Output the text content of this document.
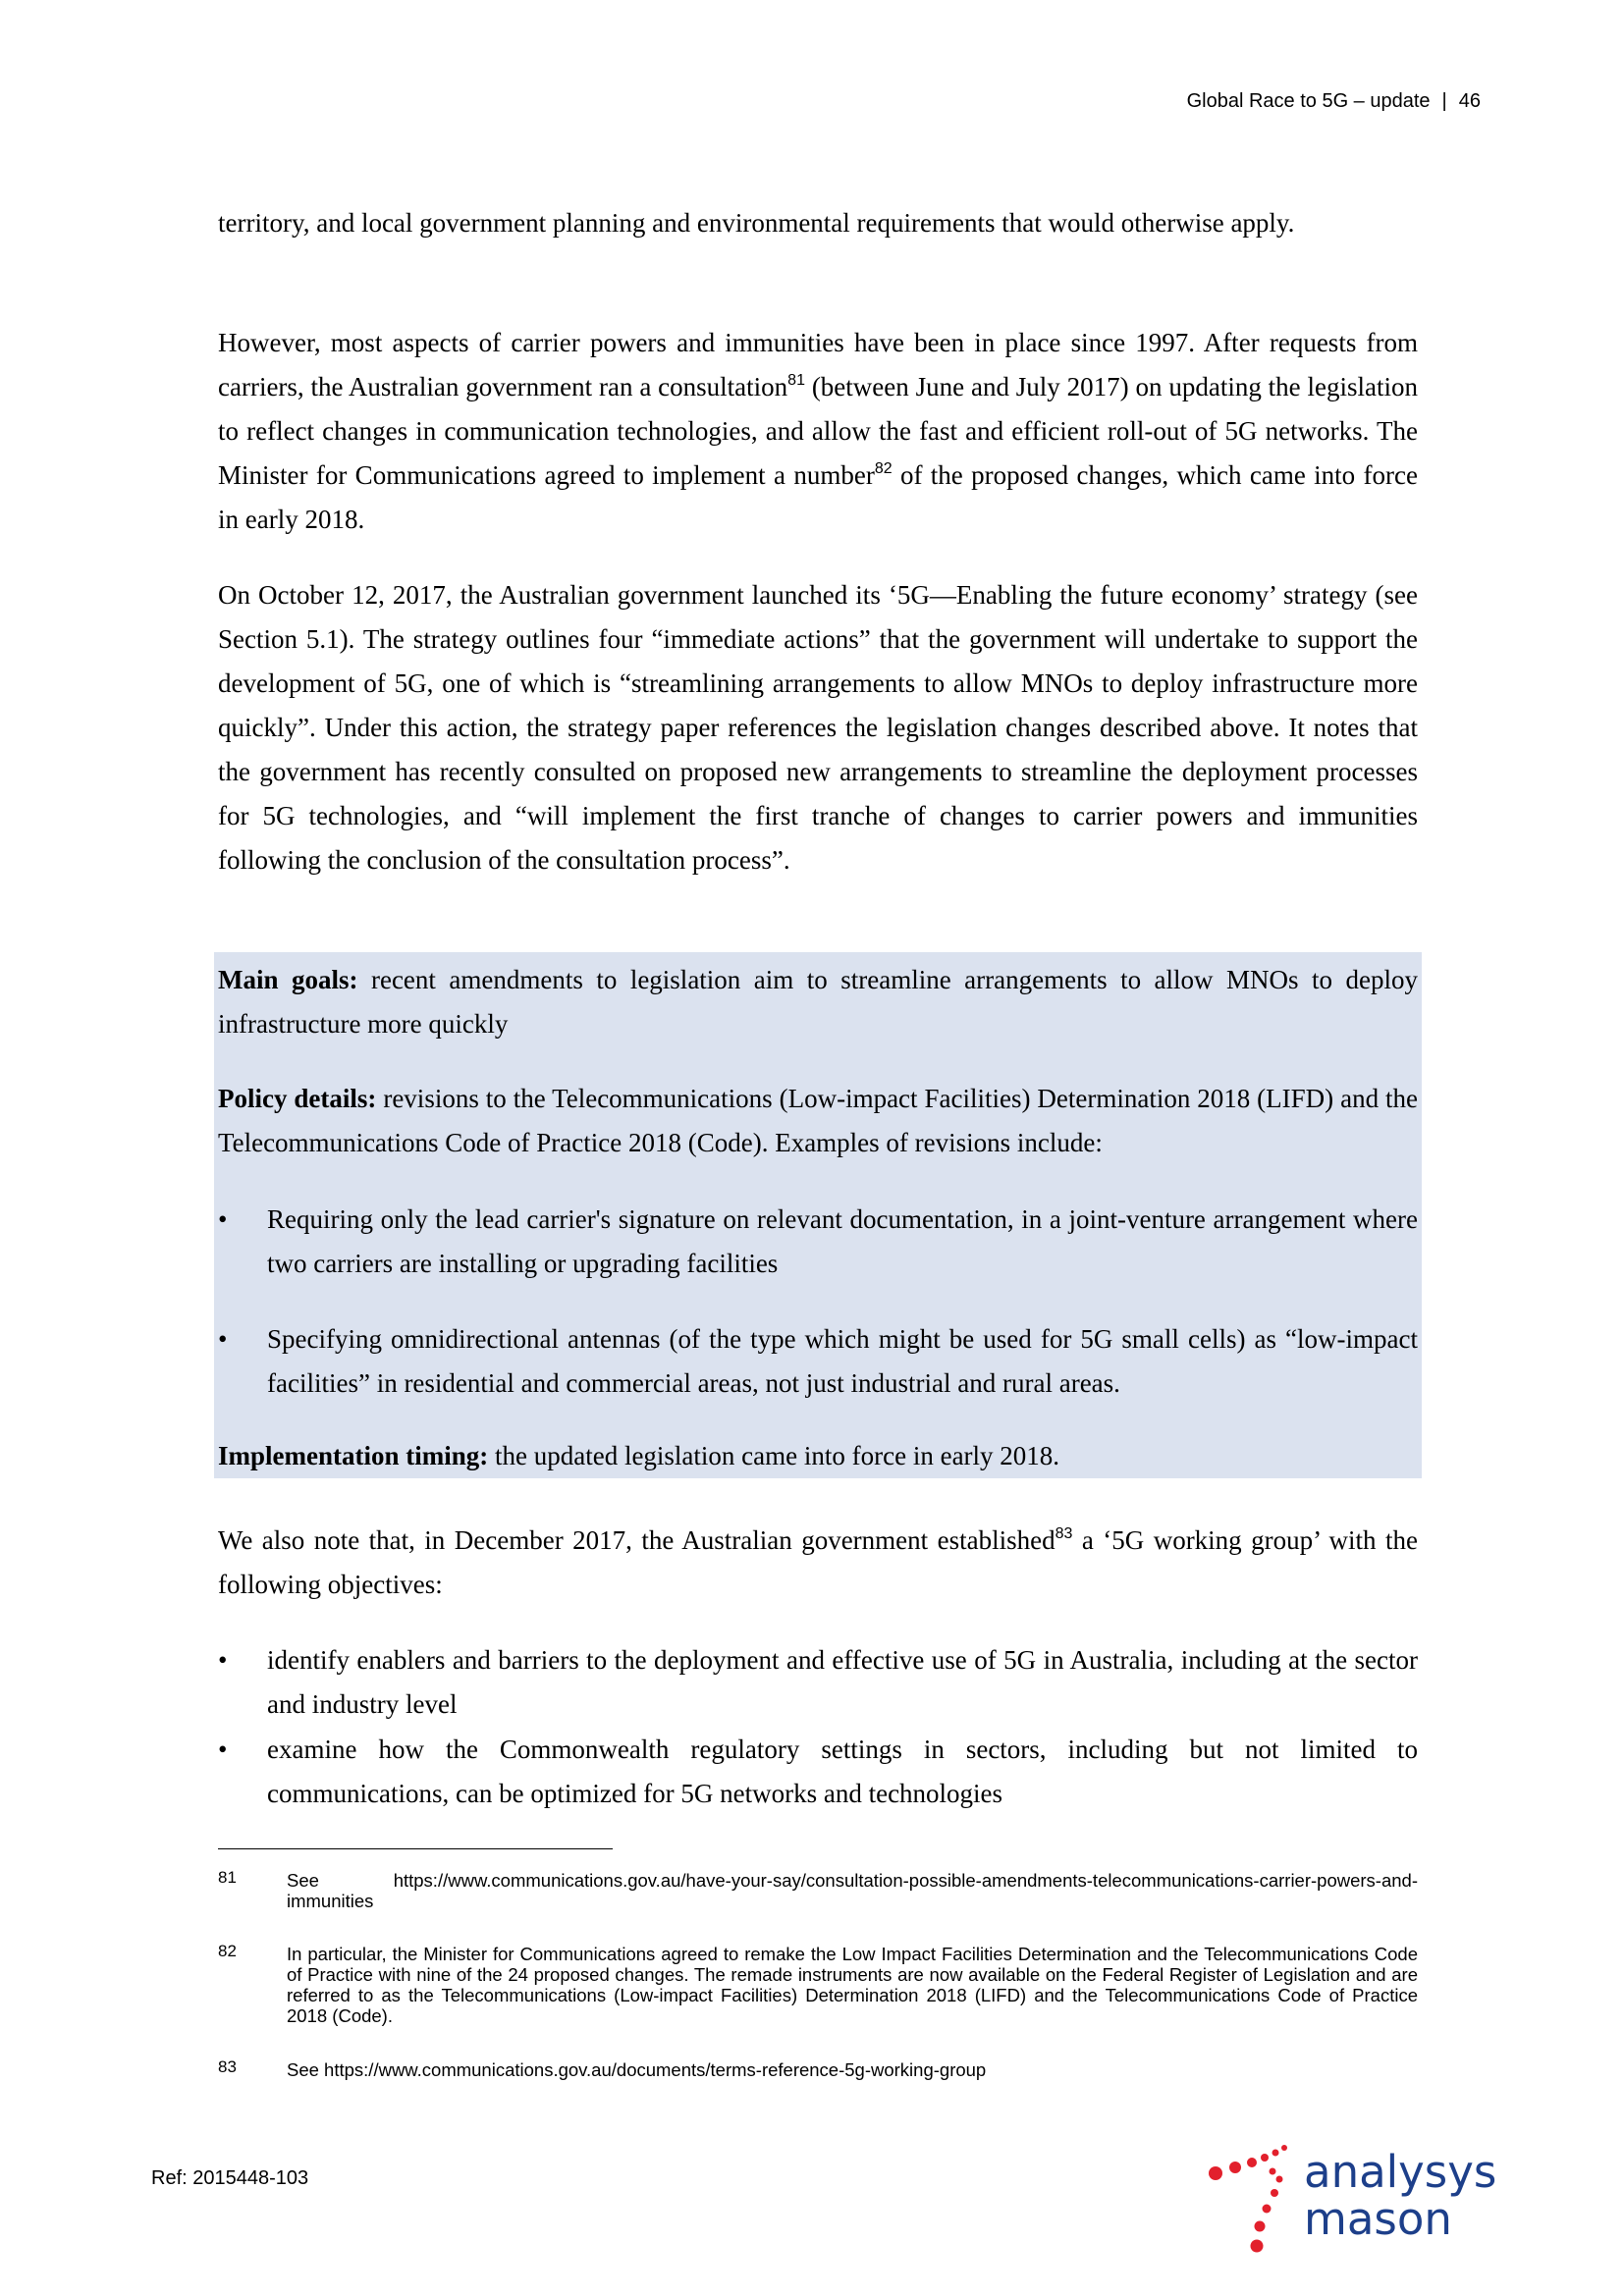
Global Race to 5G – update | 46

territory, and local government planning and environmental requirements that would otherwise apply.

However, most aspects of carrier powers and immunities have been in place since 1997. After requests from carriers, the Australian government ran a consultation$^{81}$ (between June and July 2017) on updating the legislation to reflect changes in communication technologies, and allow the fast and efficient roll-out of 5G networks. The Minister for Communications agreed to implement a number$^{82}$ of the proposed changes, which came into force in early 2018.

On October 12, 2017, the Australian government launched its ‘5G—Enabling the future economy’ strategy (see Section 5.1). The strategy outlines four “immediate actions” that the government will undertake to support the development of 5G, one of which is “streamlining arrangements to allow MNOs to deploy infrastructure more quickly”. Under this action, the strategy paper references the legislation changes described above. It notes that the government has recently consulted on proposed new arrangements to streamline the deployment processes for 5G technologies, and “will implement the first tranche of changes to carrier powers and immunities following the conclusion of the consultation process”.

Main goals: recent amendments to legislation aim to streamline arrangements to allow MNOs to deploy infrastructure more quickly

Policy details: revisions to the Telecommunications (Low-impact Facilities) Determination 2018 (LIFD) and the Telecommunications Code of Practice 2018 (Code). Examples of revisions include:

• Requiring only the lead carrier's signature on relevant documentation, in a joint-venture arrangement where two carriers are installing or upgrading facilities

• Specifying omnidirectional antennas (of the type which might be used for 5G small cells) as “low-impact facilities” in residential and commercial areas, not just industrial and rural areas.

Implementation timing: the updated legislation came into force in early 2018.

We also note that, in December 2017, the Australian government established$^{83}$ a ‘5G working group’ with the following objectives:

• identify enablers and barriers to the deployment and effective use of 5G in Australia, including at the sector and industry level

• examine how the Commonwealth regulatory settings in sectors, including but not limited to communications, can be optimized for 5G networks and technologies

81	See https://www.communications.gov.au/have-your-say/consultation-possible-amendments-telecommunications-carrier-powers-and-immunities
82	In particular, the Minister for Communications agreed to remake the Low Impact Facilities Determination and the Telecommunications Code of Practice with nine of the 24 proposed changes. The remade instruments are now available on the Federal Register of Legislation and are referred to as the Telecommunications (Low-impact Facilities) Determination 2018 (LIFD) and the Telecommunications Code of Practice 2018 (Code).
83	See https://www.communications.gov.au/documents/terms-reference-5g-working-group
Ref: 2015448-103	analysys
mason
